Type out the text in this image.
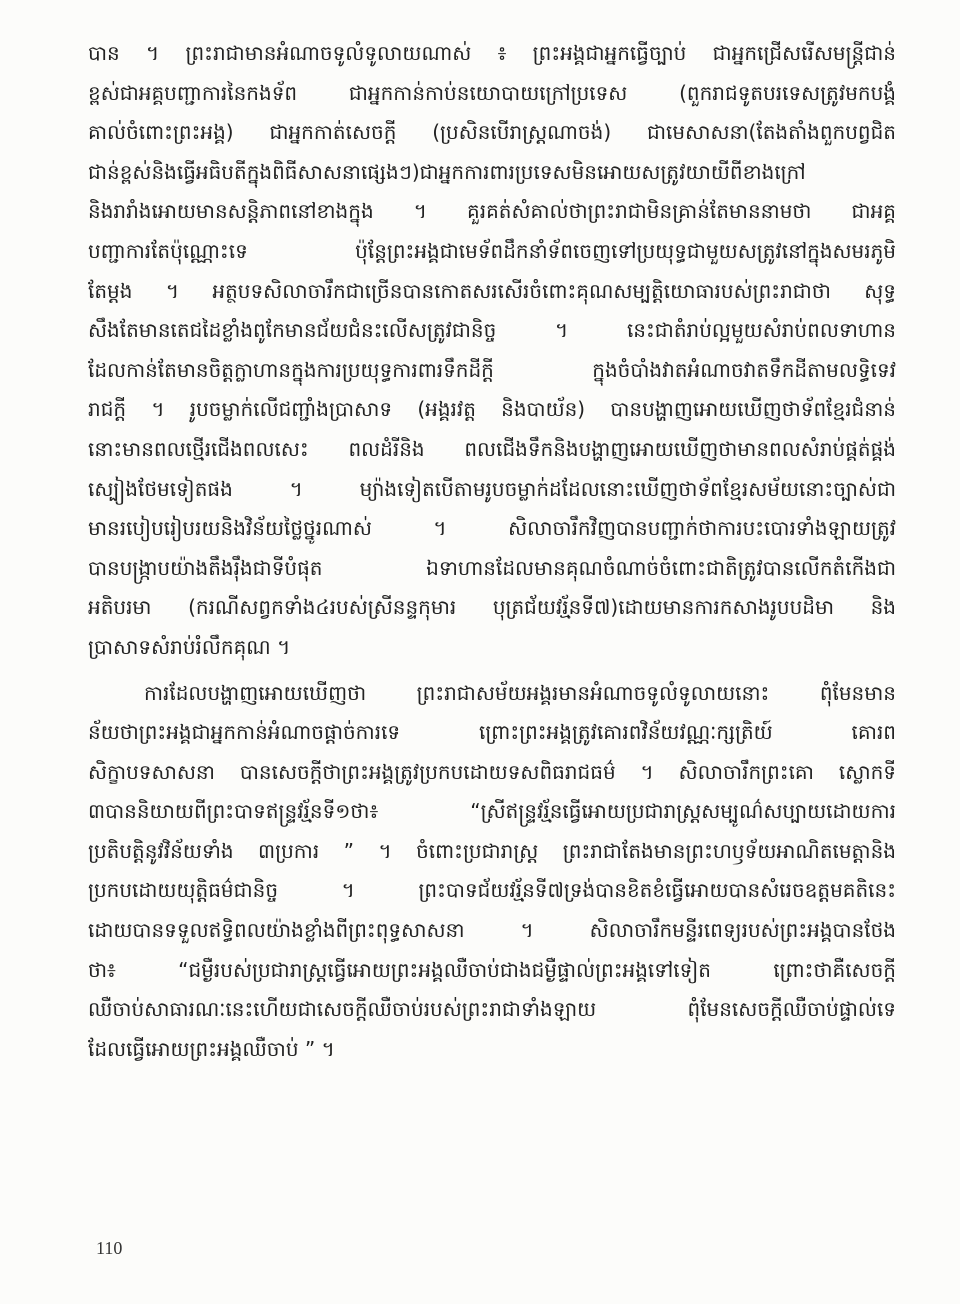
បាន ។ ព្រះរាជាមានអំណាចទូលំទូលាយណាស់ ៖ ព្រះអង្គជាអ្នកធ្វើច្បាប់ ជាអ្នកជ្រើសរើសមន្ត្រីជាន់
ខ្ពស់ជាអគ្គបញ្ជាការនៃកងទ័ព ជាអ្នកកាន់កាប់នយោបាយក្រៅប្រទេស (ពួករាជទូតបរទេសត្រូវមកបង្គំ
គាល់ចំពោះព្រះអង្គ) ជាអ្នកកាត់សេចក្តី (ប្រសិនបើរាស្ត្រណាចង់) ជាមេសាសនា(តែងតាំងពួកបព្វជិត
ជាន់ខ្ពស់និងធ្វើអធិបតីក្នុងពិធីសាសនាផ្សេងៗ)ជាអ្នកការពារប្រទេសមិនអោយសត្រូវយាយីពីខាងក្រៅ
និងរារាំងអោយមានសន្តិភាពនៅខាងក្នុង ។ គួរគត់សំគាល់ថាព្រះរាជាមិនគ្រាន់តែមាននាមថា ជាអគ្គ
បញ្ជាការតែប៉ុណ្ណោះទេ ប៉ុន្តែព្រះអង្គជាមេទ័ពដឹកនាំទ័ពចេញទៅប្រយុទ្ធជាមួយសត្រូវនៅក្នុងសមរភូមិ
តែម្តង ។ អត្ថបទសិលាចារឹកជាច្រើនបានកោតសរសើរចំពោះគុណសម្បត្តិយោធារបស់ព្រះរាជាថា សុទ្ធ
សឹងតែមានតេជដៃខ្លាំងពូកែមានជ័យជំនះលើសត្រូវជានិច្ច ។ នេះជាតំរាប់ល្អមួយសំរាប់ពលទាហាន
ដែលកាន់តែមានចិត្តក្លាហានក្នុងការប្រយុទ្ធការពារទឹកដីក្តី ក្នុងចំបាំងវាតអំណាចវាតទឹកដីតាមលទ្ធិទេវ
រាជក្តី ។ រូបចម្លាក់លើជញ្ជាំងប្រាសាទ (អង្គរវត្ត និងបាយ័ន) បានបង្ហាញអោយឃើញថាទ័ពខ្មែរជំនាន់
នោះមានពលថ្មើរជើងពលសេះ ពលដំរីនិង ពលជើងទឹកនិងបង្ហាញអោយឃើញថាមានពលសំរាប់ផ្គត់ផ្គង់
ស្បៀងថែមទៀតផង ។ ម្យ៉ាងទៀតបើតាមរូបចម្លាក់ដដែលនោះឃើញថាទ័ពខ្មែរសម័យនោះច្បាស់ជា
មានរបៀបរៀបរយនិងវិន័យថ្លៃថ្នូរណាស់ ។ សិលាចារឹកវិញបានបញ្ជាក់ថាការបះបោរទាំងឡាយត្រូវ
បានបង្ក្រាបយ៉ាងតឹងរ៉ឹងជាទីបំផុត ឯទាហានដែលមានគុណចំណាច់ចំពោះជាតិត្រូវបានលើកតំកើងជា
អតិបរមា (ករណីសព្វកទាំង៤របស់ស្រីនន្ទកុមារ បុត្រជ័យវរ្ម័នទី៧)ដោយមានការកសាងរូបបដិមា និង
ប្រាសាទសំរាប់រំលឹកគុណ ។
ការដែលបង្ហាញអោយឃើញថា ព្រះរាជាសម័យអង្គរមានអំណាចទូលំទូលាយនោះ ពុំមែនមាន
ន័យថាព្រះអង្គជាអ្នកកាន់អំណាចផ្តាច់ការទេ ព្រោះព្រះអង្គត្រូវគោរពវិន័យវណ្ណៈក្សត្រិយ៍ គោរព
សិក្ខាបទសាសនា បានសេចក្តីថាព្រះអង្គត្រូវប្រកបដោយទសពិធរាជធម៌ ។ សិលាចារឹកព្រះគោ ស្លោកទី
៣បាននិយាយពីព្រះបាទឥន្ទ្រវរ្ម័នទី១ថា៖ “ស្រីឥន្ទ្រវរ្ម័នធ្វើអោយប្រជារាស្ត្រសម្បូណ៌សប្បាយដោយការ
ប្រតិបត្តិនូវវិន័យទាំង ៣ប្រការ ” ។ ចំពោះប្រជារាស្ត្រ ព្រះរាជាតែងមានព្រះហឫទ័យអាណិតមេត្តានិង
ប្រកបដោយយុត្តិធម៌ជានិច្ច ។ ព្រះបាទជ័យវរ្ម័នទី៧ទ្រង់បានខិតខំធ្វើអោយបានសំរេចឧត្តមគតិនេះ
ដោយបានទទួលឥទ្ធិពលយ៉ាងខ្លាំងពីព្រះពុទ្ធសាសនា ។ សិលាចារឹកមន្ទីរពេទ្យរបស់ព្រះអង្គបានថែង
ថា៖ “ជម្ងឺរបស់ប្រជារាស្ត្រធ្វើអោយព្រះអង្គឈឺចាប់ជាងជម្ងឺផ្ទាល់ព្រះអង្គទៅទៀត ព្រោះថាគឺសេចក្តី
ឈឺចាប់សាធារណៈនេះហើយជាសេចក្តីឈឺចាប់របស់ព្រះរាជាទាំងឡាយ ពុំមែនសេចក្តីឈឺចាប់ផ្ទាល់ទេ
ដែលធ្វើអោយព្រះអង្គឈឺចាប់ ” ។
110
